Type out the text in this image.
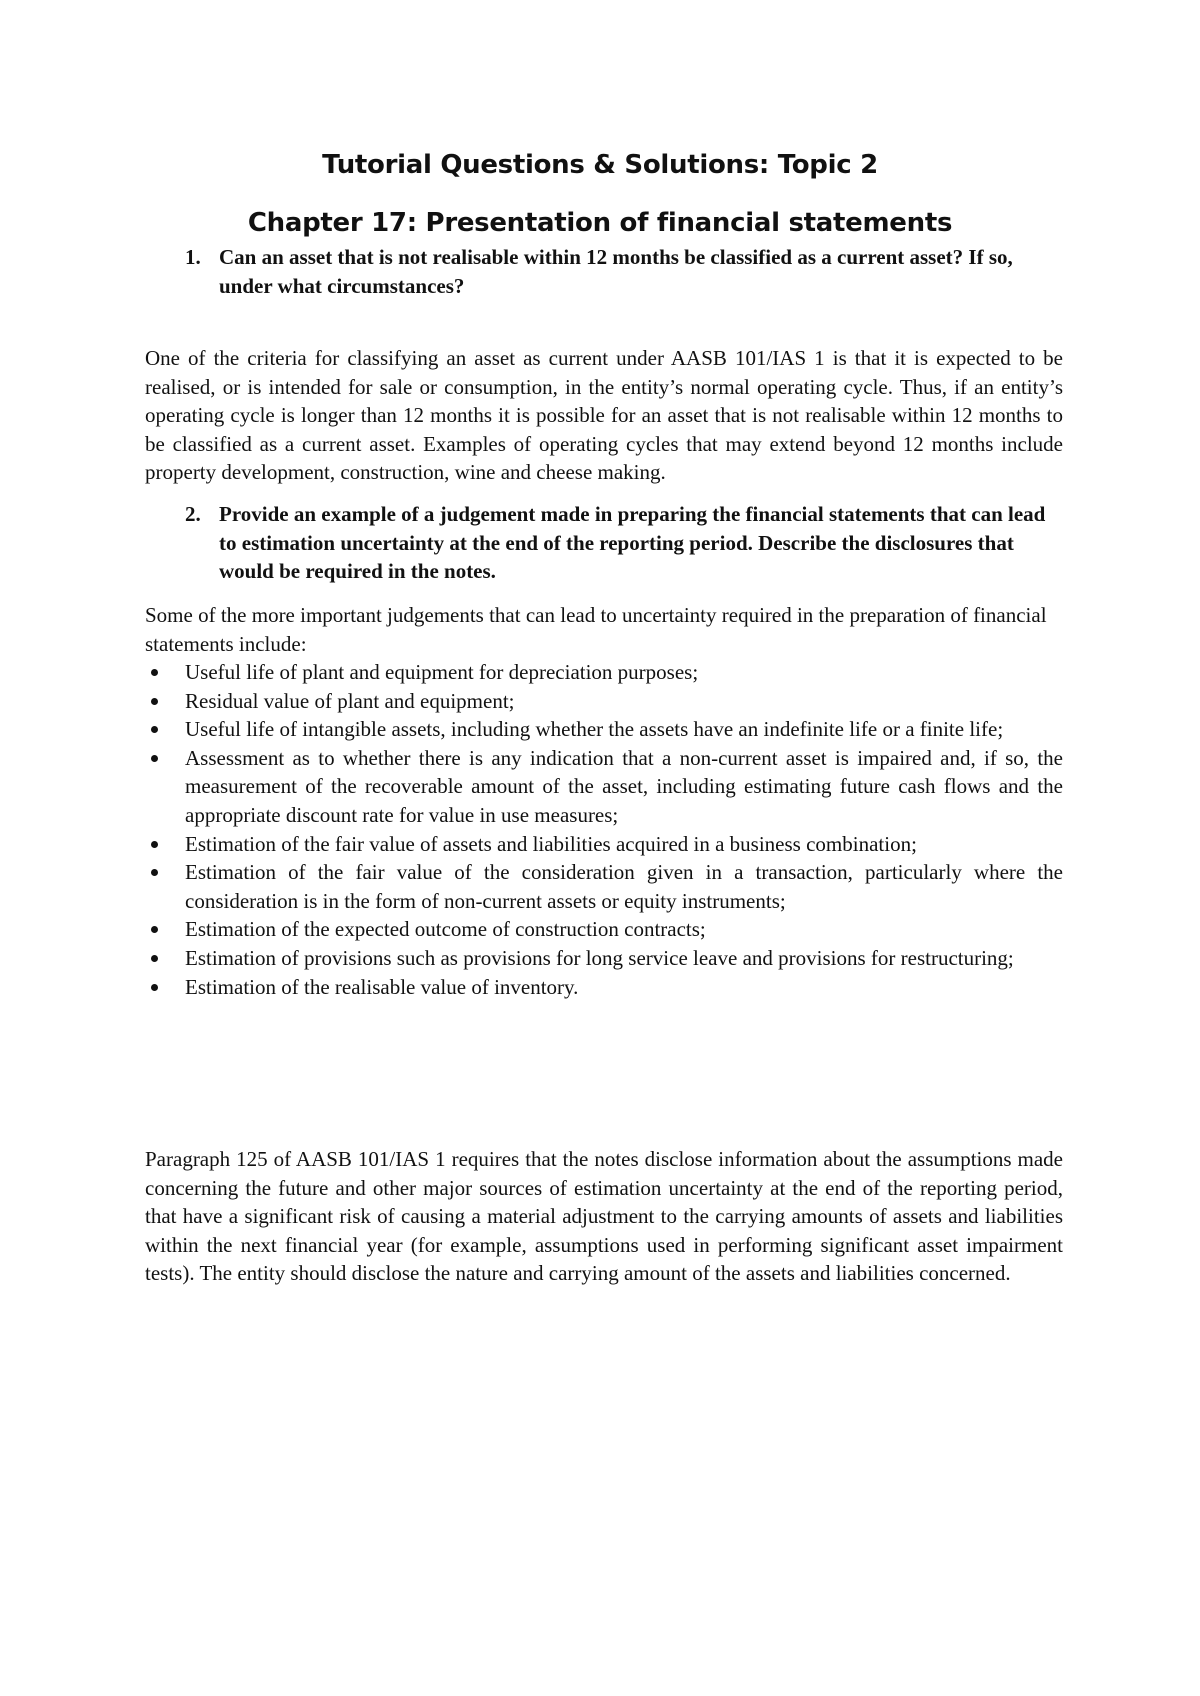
Tutorial Questions & Solutions: Topic 2
Chapter 17: Presentation of financial statements
1. Can an asset that is not realisable within 12 months be classified as a current asset? If so, under what circumstances?

One of the criteria for classifying an asset as current under AASB 101/IAS 1 is that it is expected to be realised, or is intended for sale or consumption, in the entity’s normal operating cycle. Thus, if an entity’s operating cycle is longer than 12 months it is possible for an asset that is not realisable within 12 months to be classified as a current asset. Examples of operating cycles that may extend beyond 12 months include property development, construction, wine and cheese making.

2. Provide an example of a judgement made in preparing the financial statements that can lead to estimation uncertainty at the end of the reporting period. Describe the disclosures that would be required in the notes.

Some of the more important judgements that can lead to uncertainty required in the preparation of financial statements include:

Useful life of plant and equipment for depreciation purposes;
Residual value of plant and equipment;
Useful life of intangible assets, including whether the assets have an indefinite life or a finite life;
Assessment as to whether there is any indication that a non-current asset is impaired and, if so, the measurement of the recoverable amount of the asset, including estimating future cash flows and the appropriate discount rate for value in use measures;
Estimation of the fair value of assets and liabilities acquired in a business combination;
Estimation of the fair value of the consideration given in a transaction, particularly where the consideration is in the form of non-current assets or equity instruments;
Estimation of the expected outcome of construction contracts;
Estimation of provisions such as provisions for long service leave and provisions for restructuring;
Estimation of the realisable value of inventory.

Paragraph 125 of AASB 101/IAS 1 requires that the notes disclose information about the assumptions made concerning the future and other major sources of estimation uncertainty at the end of the reporting period, that have a significant risk of causing a material adjustment to the carrying amounts of assets and liabilities within the next financial year (for example, assumptions used in performing significant asset impairment tests). The entity should disclose the nature and carrying amount of the assets and liabilities concerned.
